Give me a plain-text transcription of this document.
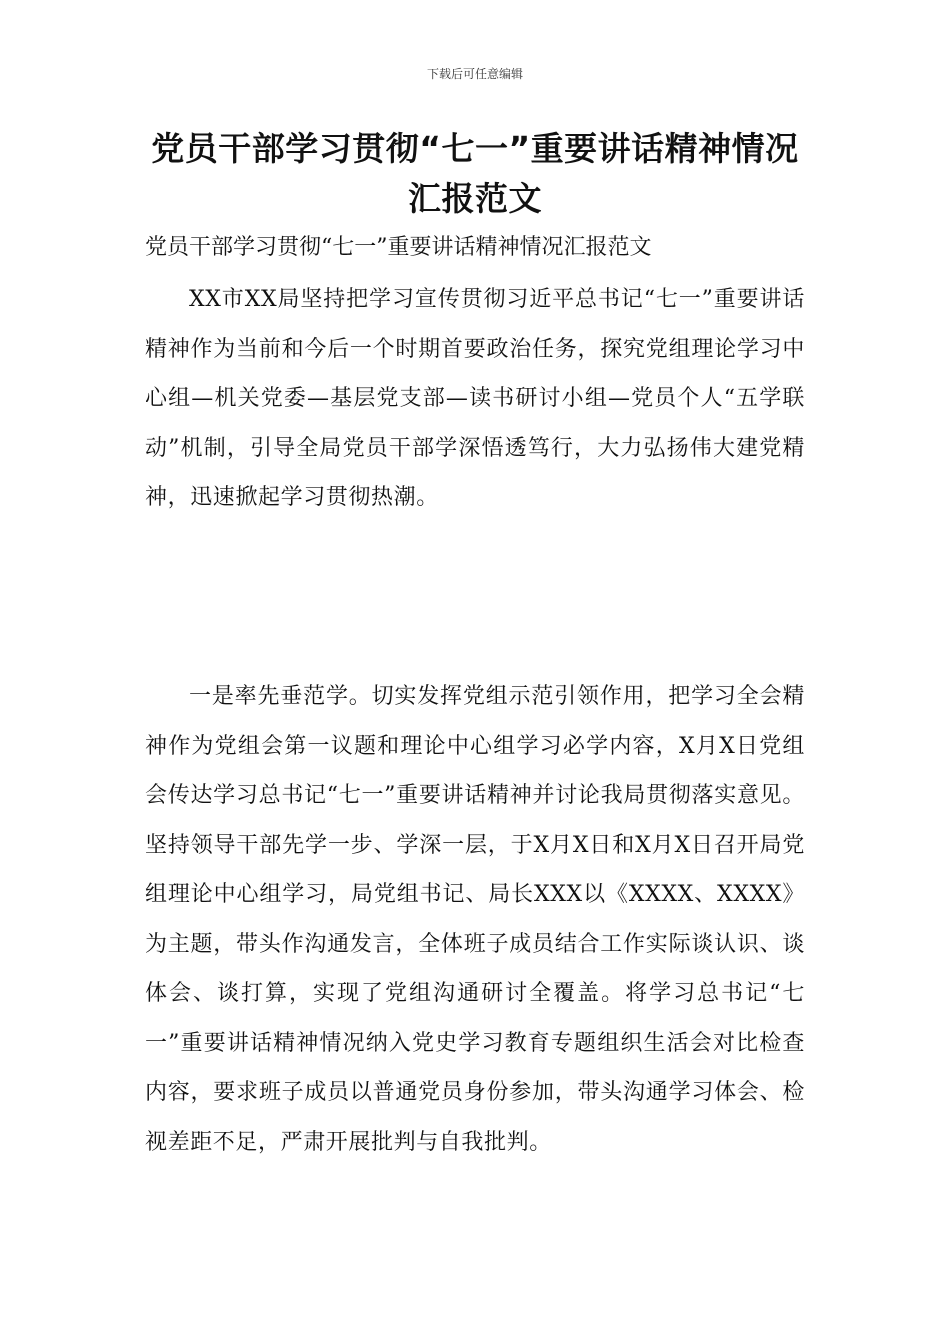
下载后可任意编辑
党员干部学习贯彻“七一”重要讲话精神情况汇报范文

党员干部学习贯彻“七一”重要讲话精神情况汇报范文

XX市XX局坚持把学习宣传贯彻习近平总书记“七一”重要讲话精神作为当前和今后一个时期首要政治任务，探究党组理论学习中心组—机关党委—基层党支部—读书研讨小组—党员个人“五学联动”机制，引导全局党员干部学深悟透笃行，大力弘扬伟大建党精神，迅速掀起学习贯彻热潮。

一是率先垂范学。切实发挥党组示范引领作用，把学习全会精神作为党组会第一议题和理论中心组学习必学内容，X月X日党组会传达学习总书记“七一”重要讲话精神并讨论我局贯彻落实意见。坚持领导干部先学一步、学深一层，于X月X日和X月X日召开局党组理论中心组学习，局党组书记、局长XXX以《XXXX、XXXX》为主题，带头作沟通发言，全体班子成员结合工作实际谈认识、谈体会、谈打算，实现了党组沟通研讨全覆盖。将学习总书记“七一”重要讲话精神情况纳入党史学习教育专题组织生活会对比检查内容，要求班子成员以普通党员身份参加，带头沟通学习体会、检视差距不足，严肃开展批判与自我批判。
